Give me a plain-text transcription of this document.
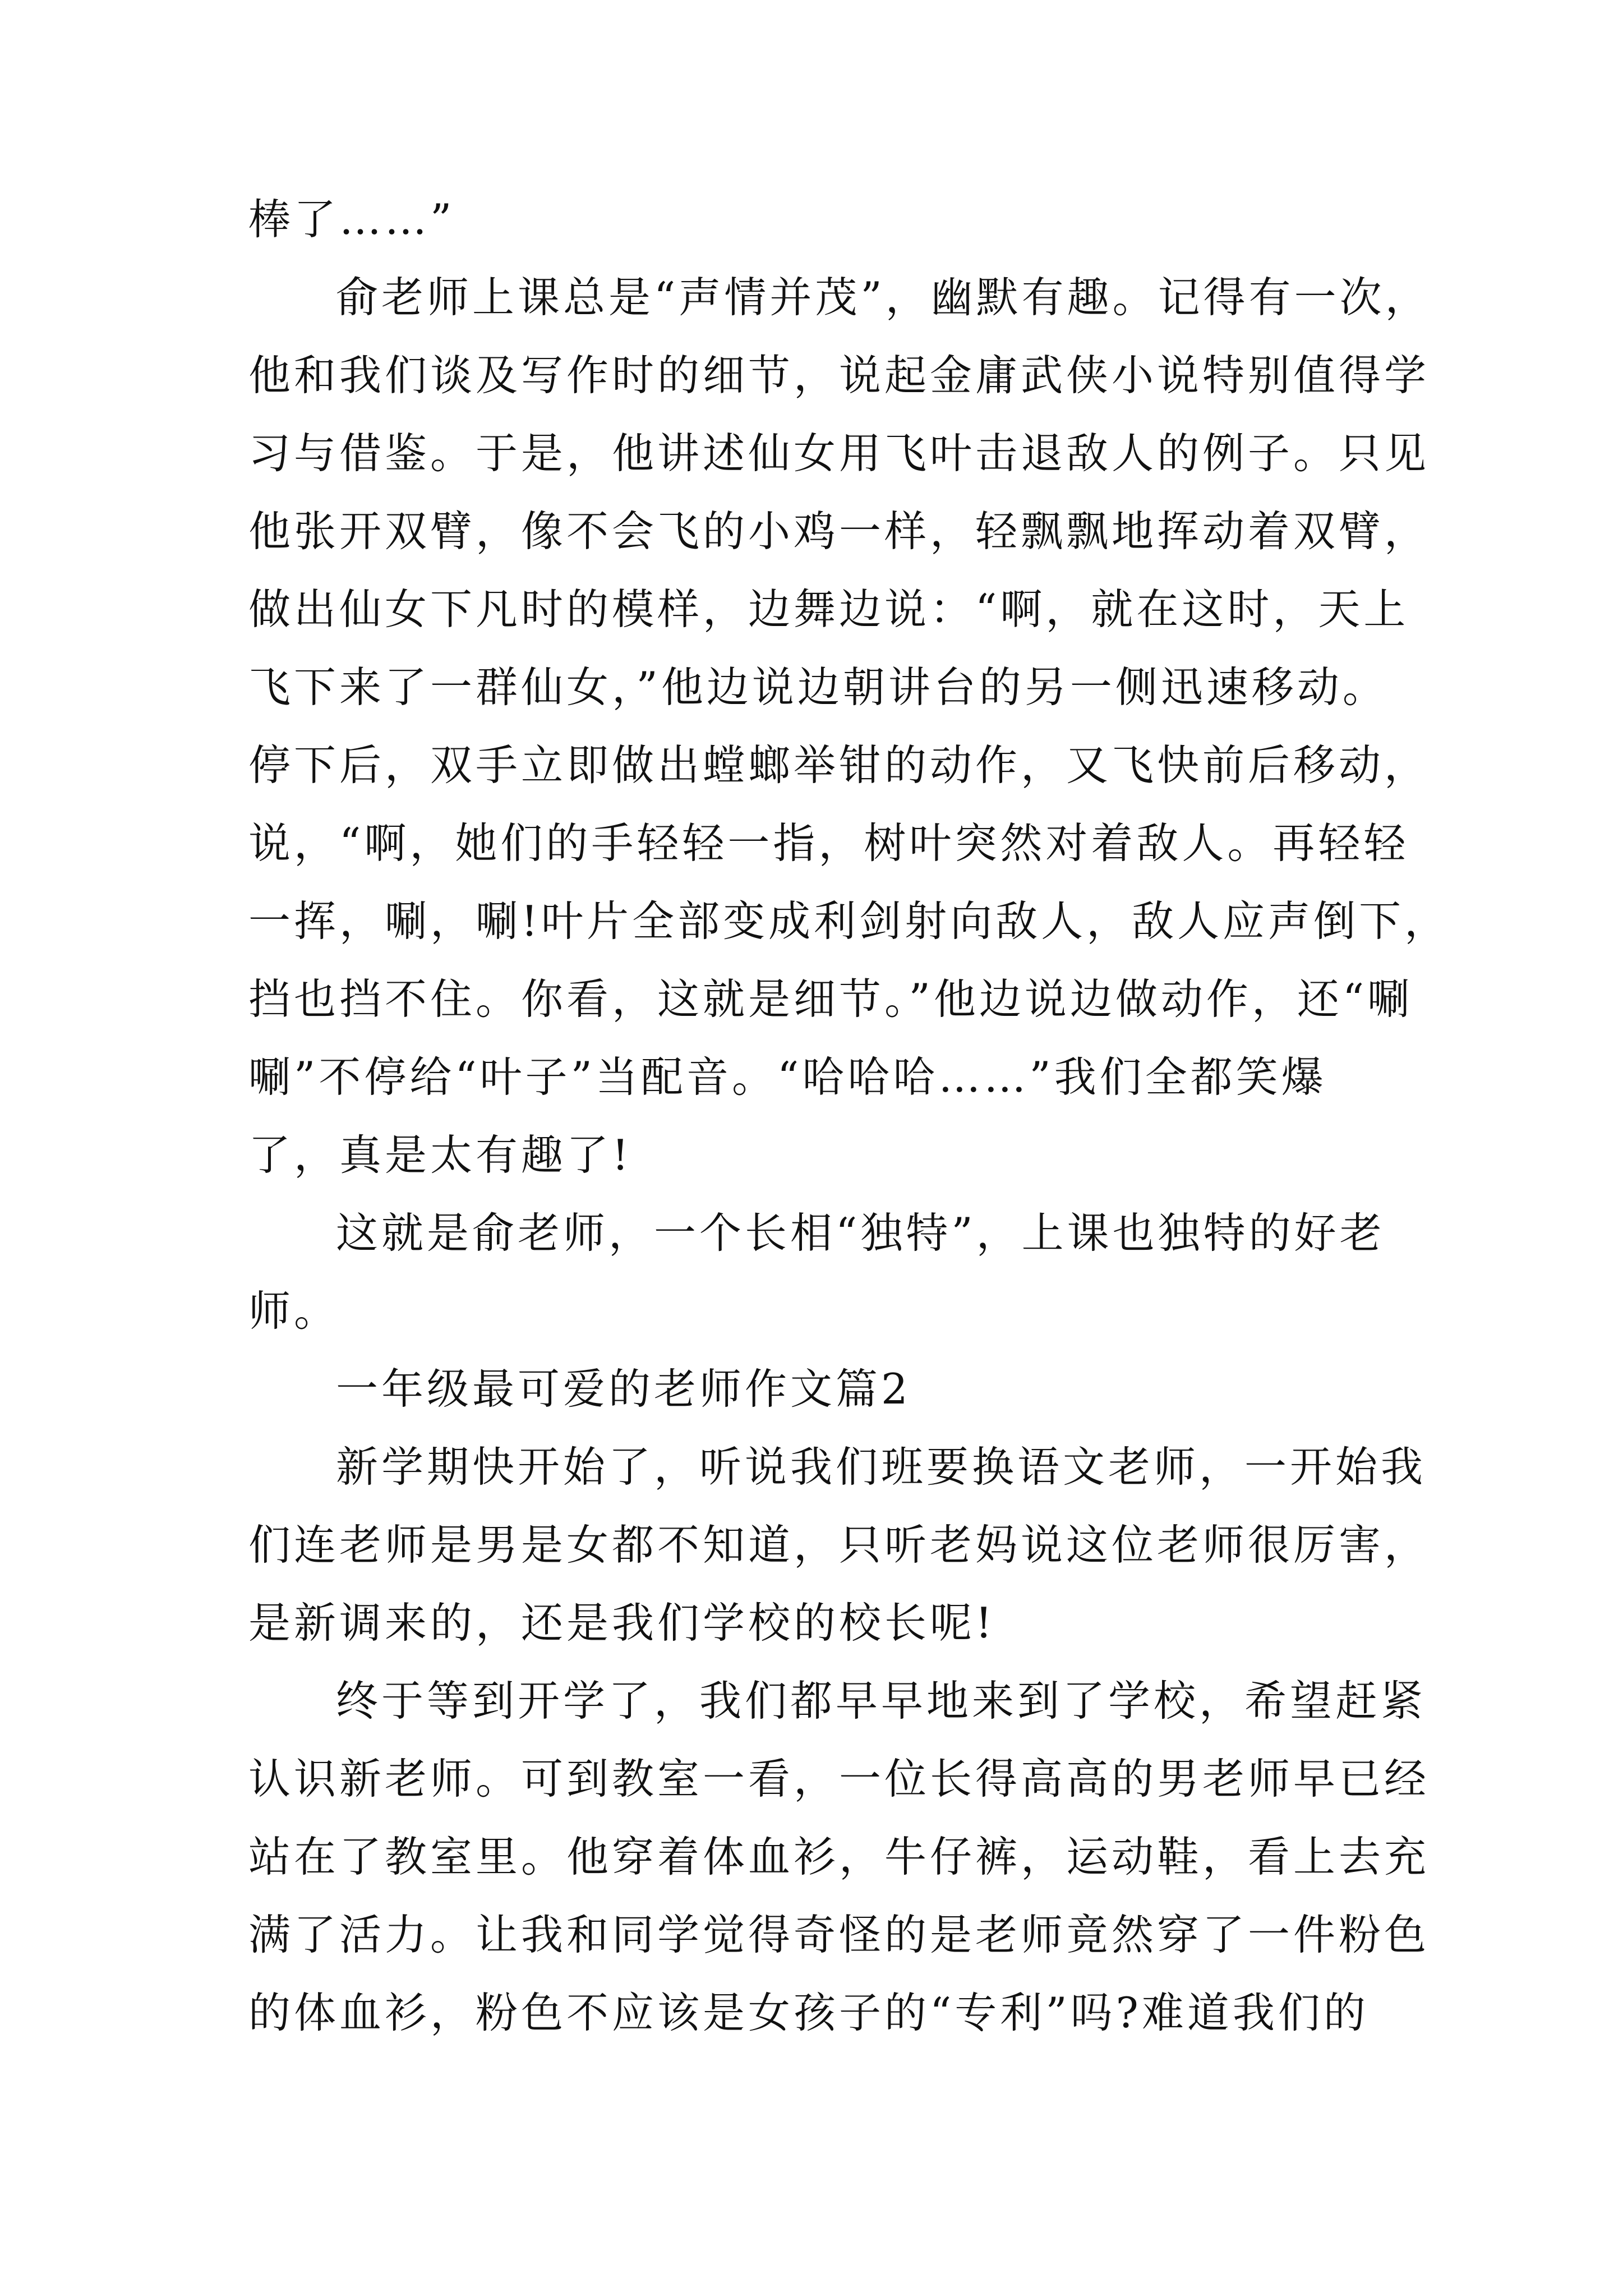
棒了……”
俞老师上课总是“声情并茂”，幽默有趣。记得有一次，
他和我们谈及写作时的细节，说起金庸武侠小说特别值得学
习与借鉴。于是，他讲述仙女用飞叶击退敌人的例子。只见
他张开双臂，像不会飞的小鸡一样，轻飘飘地挥动着双臂，
做出仙女下凡时的模样，边舞边说：“啊，就在这时，天上
飞下来了一群仙女，”他边说边朝讲台的另一侧迅速移动。
停下后，双手立即做出螳螂举钳的动作，又飞快前后移动，
说，“啊，她们的手轻轻一指，树叶突然对着敌人。再轻轻
一挥，唰，唰!叶片全部变成利剑射向敌人，敌人应声倒下，
挡也挡不住。你看，这就是细节。”他边说边做动作，还“唰
唰”不停给“叶子”当配音。“哈哈哈……”我们全都笑爆
了，真是太有趣了!
这就是俞老师，一个长相“独特”，上课也独特的好老
师。
一年级最可爱的老师作文篇2
新学期快开始了，听说我们班要换语文老师，一开始我
们连老师是男是女都不知道，只听老妈说这位老师很厉害，
是新调来的，还是我们学校的校长呢!
终于等到开学了，我们都早早地来到了学校，希望赶紧
认识新老师。可到教室一看，一位长得高高的男老师早已经
站在了教室里。他穿着体血衫，牛仔裤，运动鞋，看上去充
满了活力。让我和同学觉得奇怪的是老师竟然穿了一件粉色
的体血衫，粉色不应该是女孩子的“专利”吗?难道我们的
